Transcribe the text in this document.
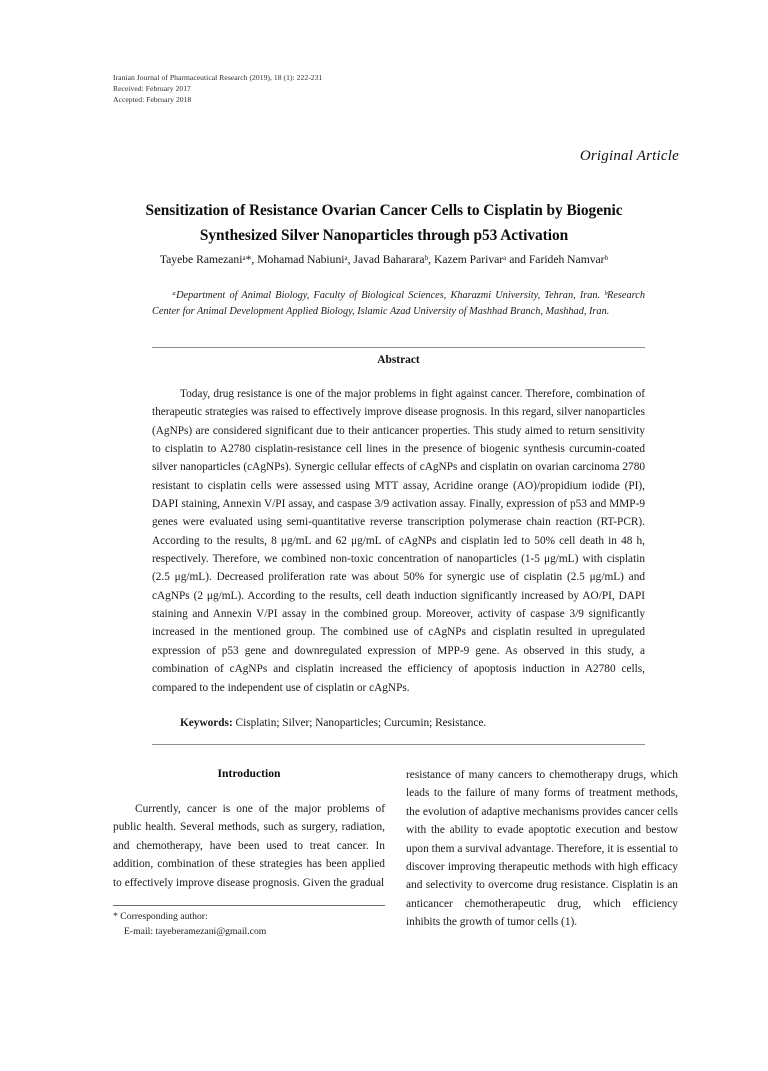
Iranian Journal of Pharmaceutical Research (2019), 18 (1): 222-231
Received: February 2017
Accepted: February 2018
Original Article
Sensitization of Resistance Ovarian Cancer Cells to Cisplatin by Biogenic Synthesized Silver Nanoparticles through p53 Activation
Tayebe Ramezaniᵃ*, Mohamad Nabiuniᵃ, Javad Bahararaᵇ, Kazem Parivarᵃ and Farideh Namvarᵇ
ᵃDepartment of Animal Biology, Faculty of Biological Sciences, Kharazmi University, Tehran, Iran. ᵇResearch Center for Animal Development Applied Biology, Islamic Azad University of Mashhad Branch, Mashhad, Iran.
Abstract
Today, drug resistance is one of the major problems in fight against cancer. Therefore, combination of therapeutic strategies was raised to effectively improve disease prognosis. In this regard, silver nanoparticles (AgNPs) are considered significant due to their anticancer properties. This study aimed to return sensitivity to cisplatin to A2780 cisplatin-resistance cell lines in the presence of biogenic synthesis curcumin-coated silver nanoparticles (cAgNPs). Synergic cellular effects of cAgNPs and cisplatin on ovarian carcinoma 2780 resistant to cisplatin cells were assessed using MTT assay, Acridine orange (AO)/propidium iodide (PI), DAPI staining, Annexin V/PI assay, and caspase 3/9 activation assay. Finally, expression of p53 and MMP-9 genes were evaluated using semi-quantitative reverse transcription polymerase chain reaction (RT-PCR). According to the results, 8 μg/mL and 62 μg/mL of cAgNPs and cisplatin led to 50% cell death in 48 h, respectively. Therefore, we combined non-toxic concentration of nanoparticles (1-5 μg/mL) with cisplatin (2.5 μg/mL). Decreased proliferation rate was about 50% for synergic use of cisplatin (2.5 μg/mL) and cAgNPs (2 μg/mL). According to the results, cell death induction significantly increased by AO/PI, DAPI staining and Annexin V/PI assay in the combined group. Moreover, activity of caspase 3/9 significantly increased in the mentioned group. The combined use of cAgNPs and cisplatin resulted in upregulated expression of p53 gene and downregulated expression of MPP-9 gene. As observed in this study, a combination of cAgNPs and cisplatin increased the efficiency of apoptosis induction in A2780 cells, compared to the independent use of cisplatin or cAgNPs.
Keywords: Cisplatin; Silver; Nanoparticles; Curcumin; Resistance.
Introduction

Currently, cancer is one of the major problems of public health. Several methods, such as surgery, radiation, and chemotherapy, have been used to treat cancer. In addition, combination of these strategies has been applied to effectively improve disease prognosis. Given the gradual

resistance of many cancers to chemotherapy drugs, which leads to the failure of many forms of treatment methods, the evolution of adaptive mechanisms provides cancer cells with the ability to evade apoptotic execution and bestow upon them a survival advantage. Therefore, it is essential to discover improving therapeutic methods with high efficacy and selectivity to overcome drug resistance. Cisplatin is an anticancer chemotherapeutic drug, which efficiency inhibits the growth of tumor cells (1).

* Corresponding author:
E-mail: tayeberamezani@gmail.com
